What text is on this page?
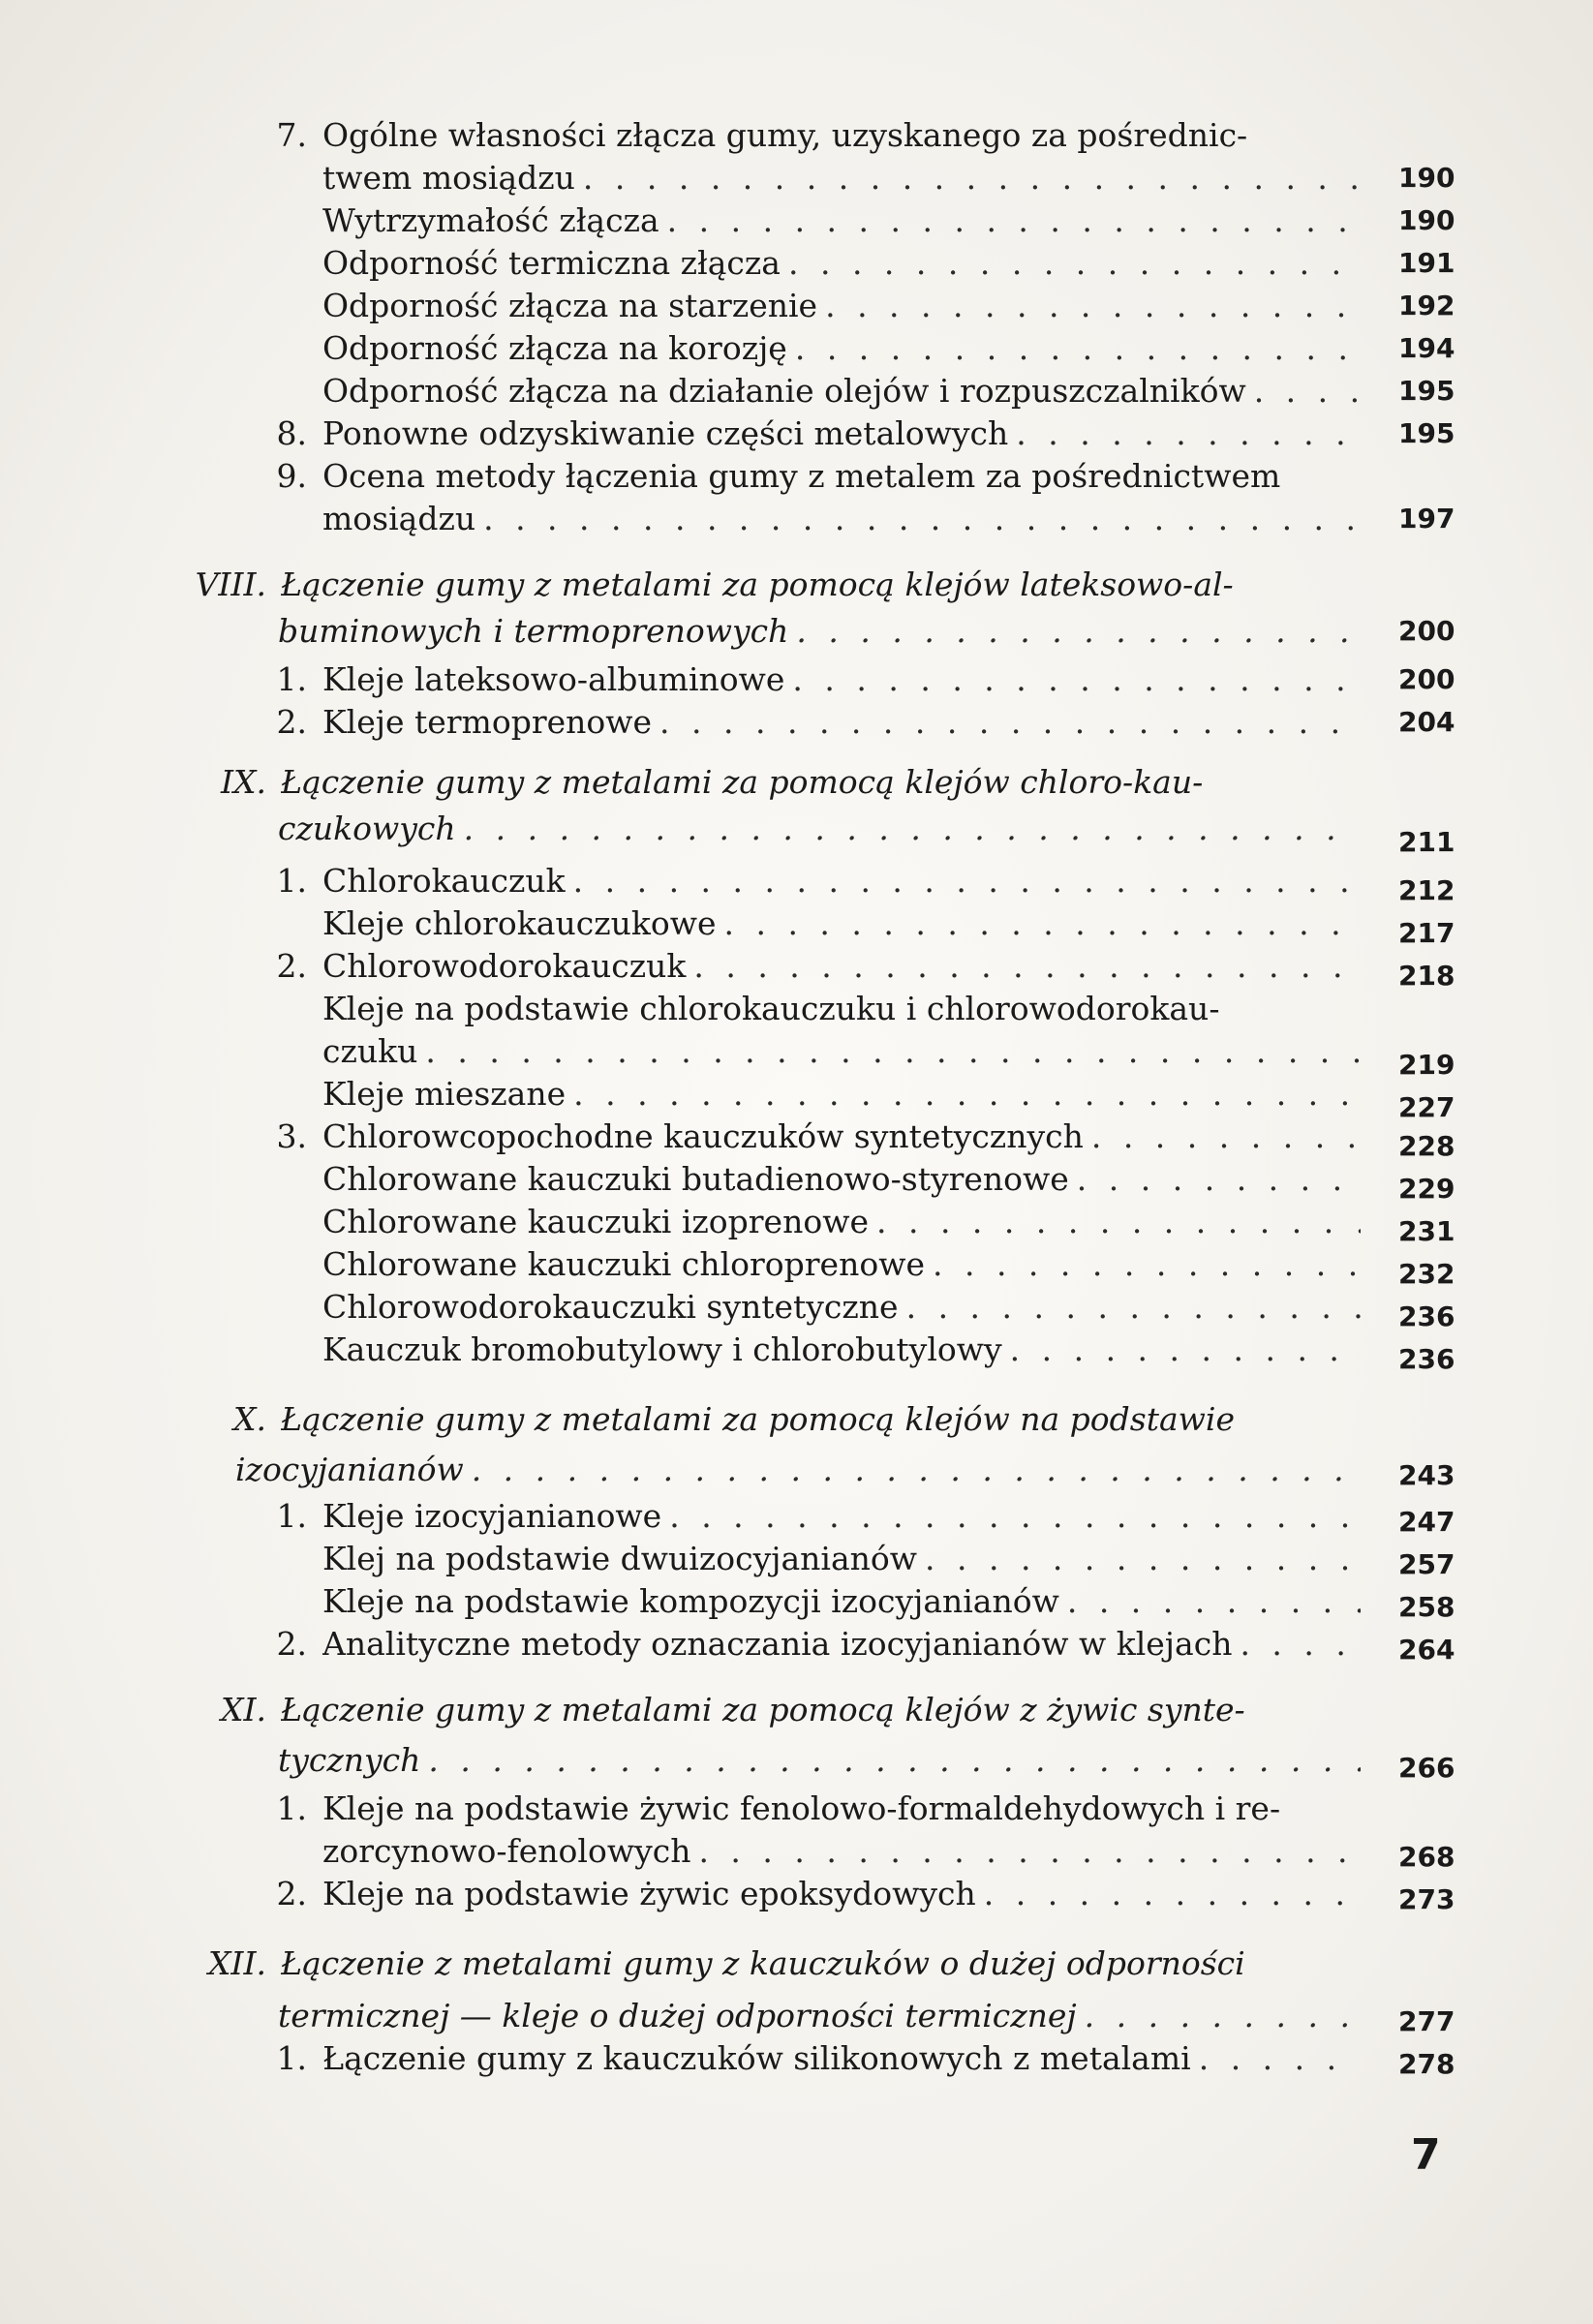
7. Ogólne własności złącza gumy, uzyskanego za pośrednic-
twem mosiądzu . . .	190
Wytrzymałość złącza . . .	190
Odporność termiczna złącza . . .	191
Odporność złącza na starzenie . . .	192
Odporność złącza na korozję . . .	194
Odporność złącza na działanie olejów i rozpuszczalników . . .	195
8. Ponowne odzyskiwanie części metalowych . . .	195
9. Ocena metody łączenia gumy z metalem za pośrednictwem
mosiądzu . . .	197
VIII. Łączenie gumy z metalami za pomocą klejów lateksowo-al-
buminowych i termoprenowych . . .	200
1. Kleje lateksowo-albuminowe . . .	200
2. Kleje termoprenowe . . .	204
IX. Łączenie gumy z metalami za pomocą klejów chloro-kau-
czukowych . . .	211
1. Chlorokauczuk . . .	212
Kleje chlorokauczukowe . . .	217
2. Chlorowodorokauczuk . . .	218
Kleje na podstawie chlorokauczuku i chlorowodorokau-
czuku . . .	219
Kleje mieszane . . .	227
3. Chlorowcopochodne kauczuków syntetycznych . . .	228
Chlorowane kauczuki butadienowo-styrenowe . . .	229
Chlorowane kauczuki izoprenowe . . .	231
Chlorowane kauczuki chloroprenowe . . .	232
Chlorowodorokauczuki syntetyczne . . .	236
Kauczuk bromobutylowy i chlorobutylowy . . .	236
X. Łączenie gumy z metalami za pomocą klejów na podstawie
izocyjanianów . . .	243
1. Kleje izocyjanianowe . . .	247
Klej na podstawie dwuizocyjanianów . . .	257
Kleje na podstawie kompozycji izocyjanianów . . .	258
2. Analityczne metody oznaczania izocyjanianów w klejach . . .	264
XI. Łączenie gumy z metalami za pomocą klejów z żywic synte-
tycznych . . .	266
1. Kleje na podstawie żywic fenolowo-formaldehydowych i re-
zorcynowo-fenolowych . . .	268
2. Kleje na podstawie żywic epoksydowych . . .	273
XII. Łączenie z metalami gumy z kauczuków o dużej odporności
termicznej — kleje o dużej odporności termicznej . . .	277
1. Łączenie gumy z kauczuków silikonowych z metalami . . .	278
7
